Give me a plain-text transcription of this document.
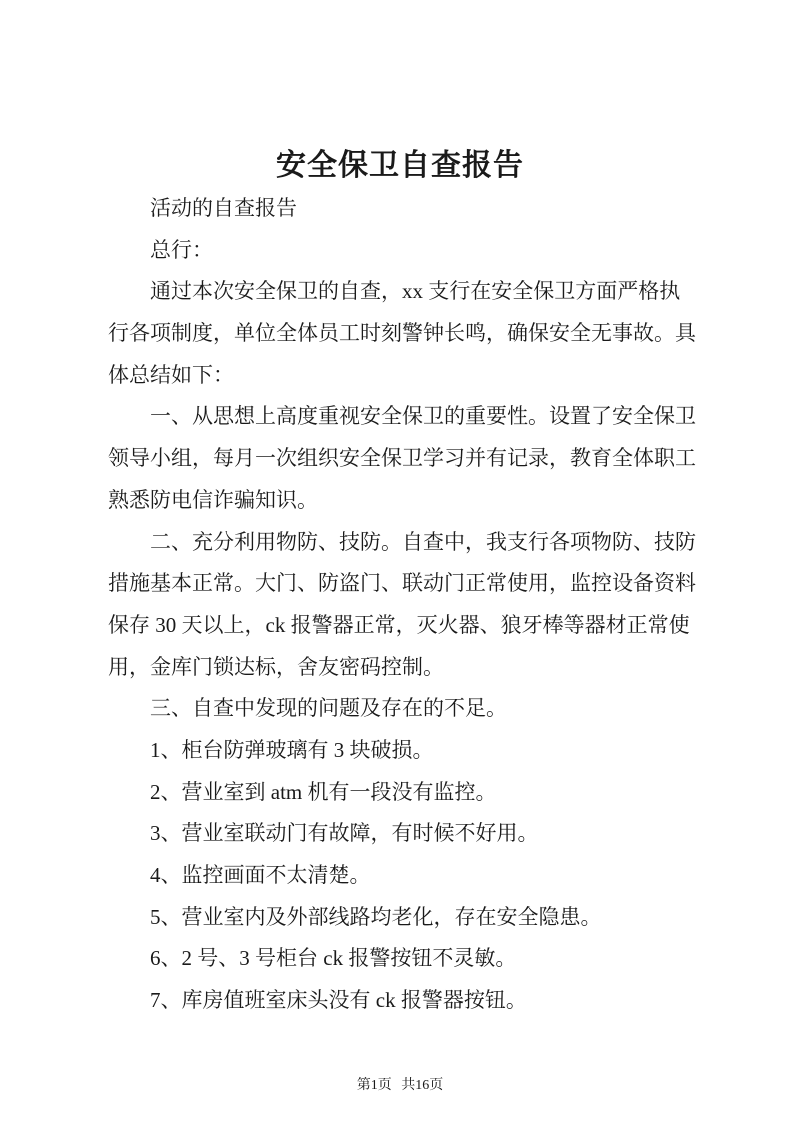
安全保卫自查报告
活动的自查报告
总行：
通过本次安全保卫的自查，xx 支行在安全保卫方面严格执
行各项制度，单位全体员工时刻警钟长鸣，确保安全无事故。具
体总结如下：
一、从思想上高度重视安全保卫的重要性。设置了安全保卫
领导小组，每月一次组织安全保卫学习并有记录，教育全体职工
熟悉防电信诈骗知识。
二、充分利用物防、技防。自查中，我支行各项物防、技防
措施基本正常。大门、防盗门、联动门正常使用，监控设备资料
保存 30 天以上，ck 报警器正常，灭火器、狼牙棒等器材正常使
用，金库门锁达标，舍友密码控制。
三、自查中发现的问题及存在的不足。
1、柜台防弹玻璃有 3 块破损。
2、营业室到 atm 机有一段没有监控。
3、营业室联动门有故障，有时候不好用。
4、监控画面不太清楚。
5、营业室内及外部线路均老化，存在安全隐患。
6、2 号、3 号柜台 ck 报警按钮不灵敏。
7、库房值班室床头没有 ck 报警器按钮。
第1页 共16页
